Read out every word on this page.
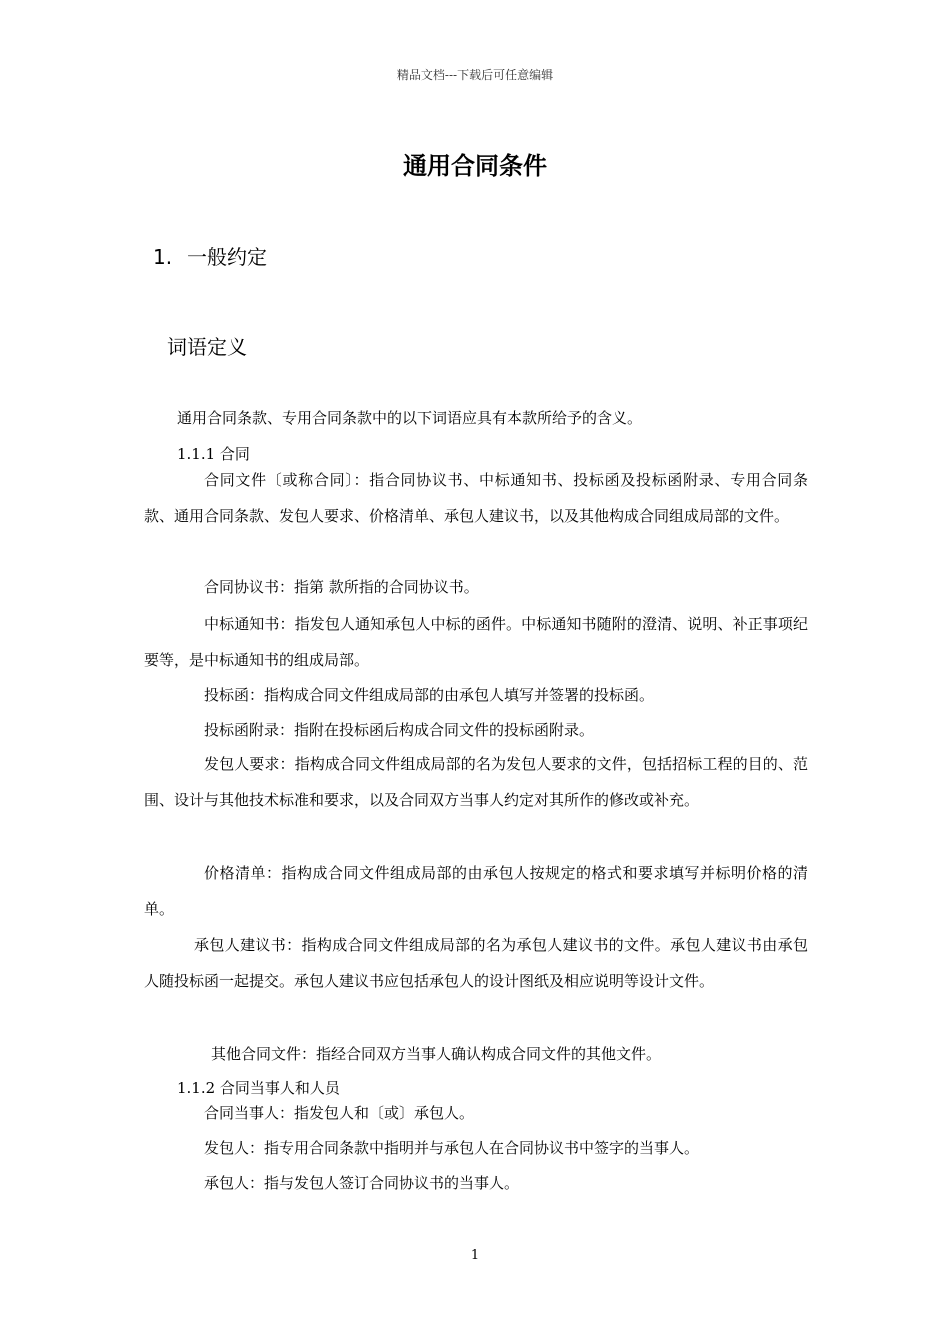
精品文档---下载后可任意编辑
通用合同条件
1. 一般约定
词语定义
通用合同条款、专用合同条款中的以下词语应具有本款所给予的含义。
1.1.1 合同
合同文件〔或称合同〕：指合同协议书、中标通知书、投标函及投标函附录、专用合同条款、通用合同条款、发包人要求、价格清单、承包人建议书，以及其他构成合同组成局部的文件。
合同协议书：指第 款所指的合同协议书。
中标通知书：指发包人通知承包人中标的函件。中标通知书随附的澄清、说明、补正事项纪要等，是中标通知书的组成局部。
投标函：指构成合同文件组成局部的由承包人填写并签署的投标函。
投标函附录：指附在投标函后构成合同文件的投标函附录。
发包人要求：指构成合同文件组成局部的名为发包人要求的文件，包括招标工程的目的、范围、设计与其他技术标准和要求，以及合同双方当事人约定对其所作的修改或补充。
价格清单：指构成合同文件组成局部的由承包人按规定的格式和要求填写并标明价格的清单。
承包人建议书：指构成合同文件组成局部的名为承包人建议书的文件。承包人建议书由承包人随投标函一起提交。承包人建议书应包括承包人的设计图纸及相应说明等设计文件。
其他合同文件：指经合同双方当事人确认构成合同文件的其他文件。
1.1.2 合同当事人和人员
合同当事人：指发包人和〔或〕承包人。
发包人：指专用合同条款中指明并与承包人在合同协议书中签字的当事人。
承包人：指与发包人签订合同协议书的当事人。
1
